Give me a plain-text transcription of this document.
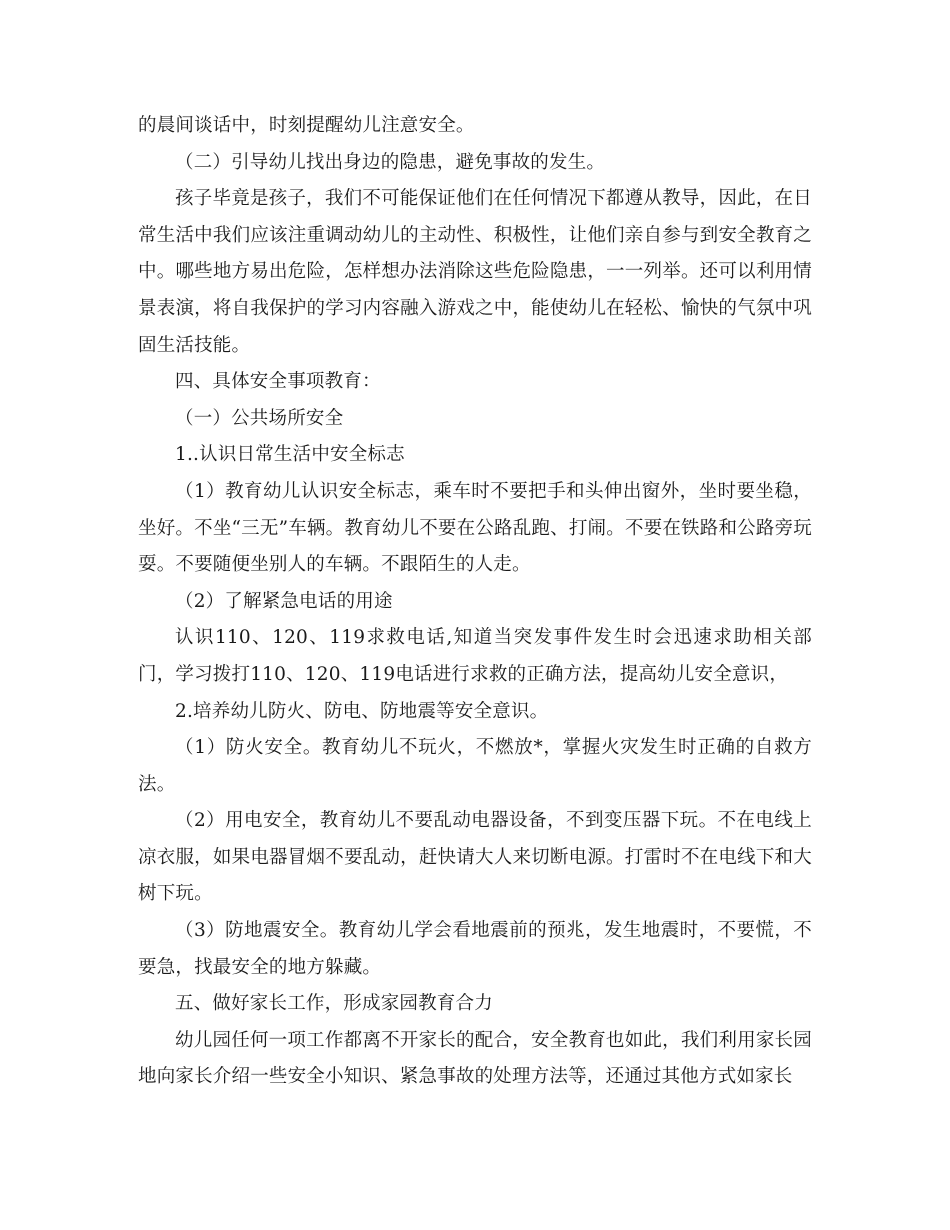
的晨间谈话中，时刻提醒幼儿注意安全。

（二）引导幼儿找出身边的隐患，避免事故的发生。

孩子毕竟是孩子，我们不可能保证他们在任何情况下都遵从教导，因此，在日常生活中我们应该注重调动幼儿的主动性、积极性，让他们亲自参与到安全教育之中。哪些地方易出危险，怎样想办法消除这些危险隐患，一一列举。还可以利用情景表演，将自我保护的学习内容融入游戏之中，能使幼儿在轻松、愉快的气氛中巩固生活技能。

四、具体安全事项教育：

（一）公共场所安全

1..认识日常生活中安全标志

（1）教育幼儿认识安全标志，乘车时不要把手和头伸出窗外，坐时要坐稳，坐好。不坐“三无”车辆。教育幼儿不要在公路乱跑、打闹。不要在铁路和公路旁玩耍。不要随便坐别人的车辆。不跟陌生的人走。

（2）了解紧急电话的用途

认识110、120、119求救电话,知道当突发事件发生时会迅速求助相关部门，学习拨打110、120、119电话进行求救的正确方法，提高幼儿安全意识，

2.培养幼儿防火、防电、防地震等安全意识。

（1）防火安全。教育幼儿不玩火，不燃放*，掌握火灾发生时正确的自救方法。

（2）用电安全，教育幼儿不要乱动电器设备，不到变压器下玩。不在电线上凉衣服，如果电器冒烟不要乱动，赶快请大人来切断电源。打雷时不在电线下和大树下玩。

（3）防地震安全。教育幼儿学会看地震前的预兆，发生地震时，不要慌，不要急，找最安全的地方躲藏。

五、做好家长工作，形成家园教育合力

幼儿园任何一项工作都离不开家长的配合，安全教育也如此，我们利用家长园地向家长介绍一些安全小知识、紧急事故的处理方法等，还通过其他方式如家长
